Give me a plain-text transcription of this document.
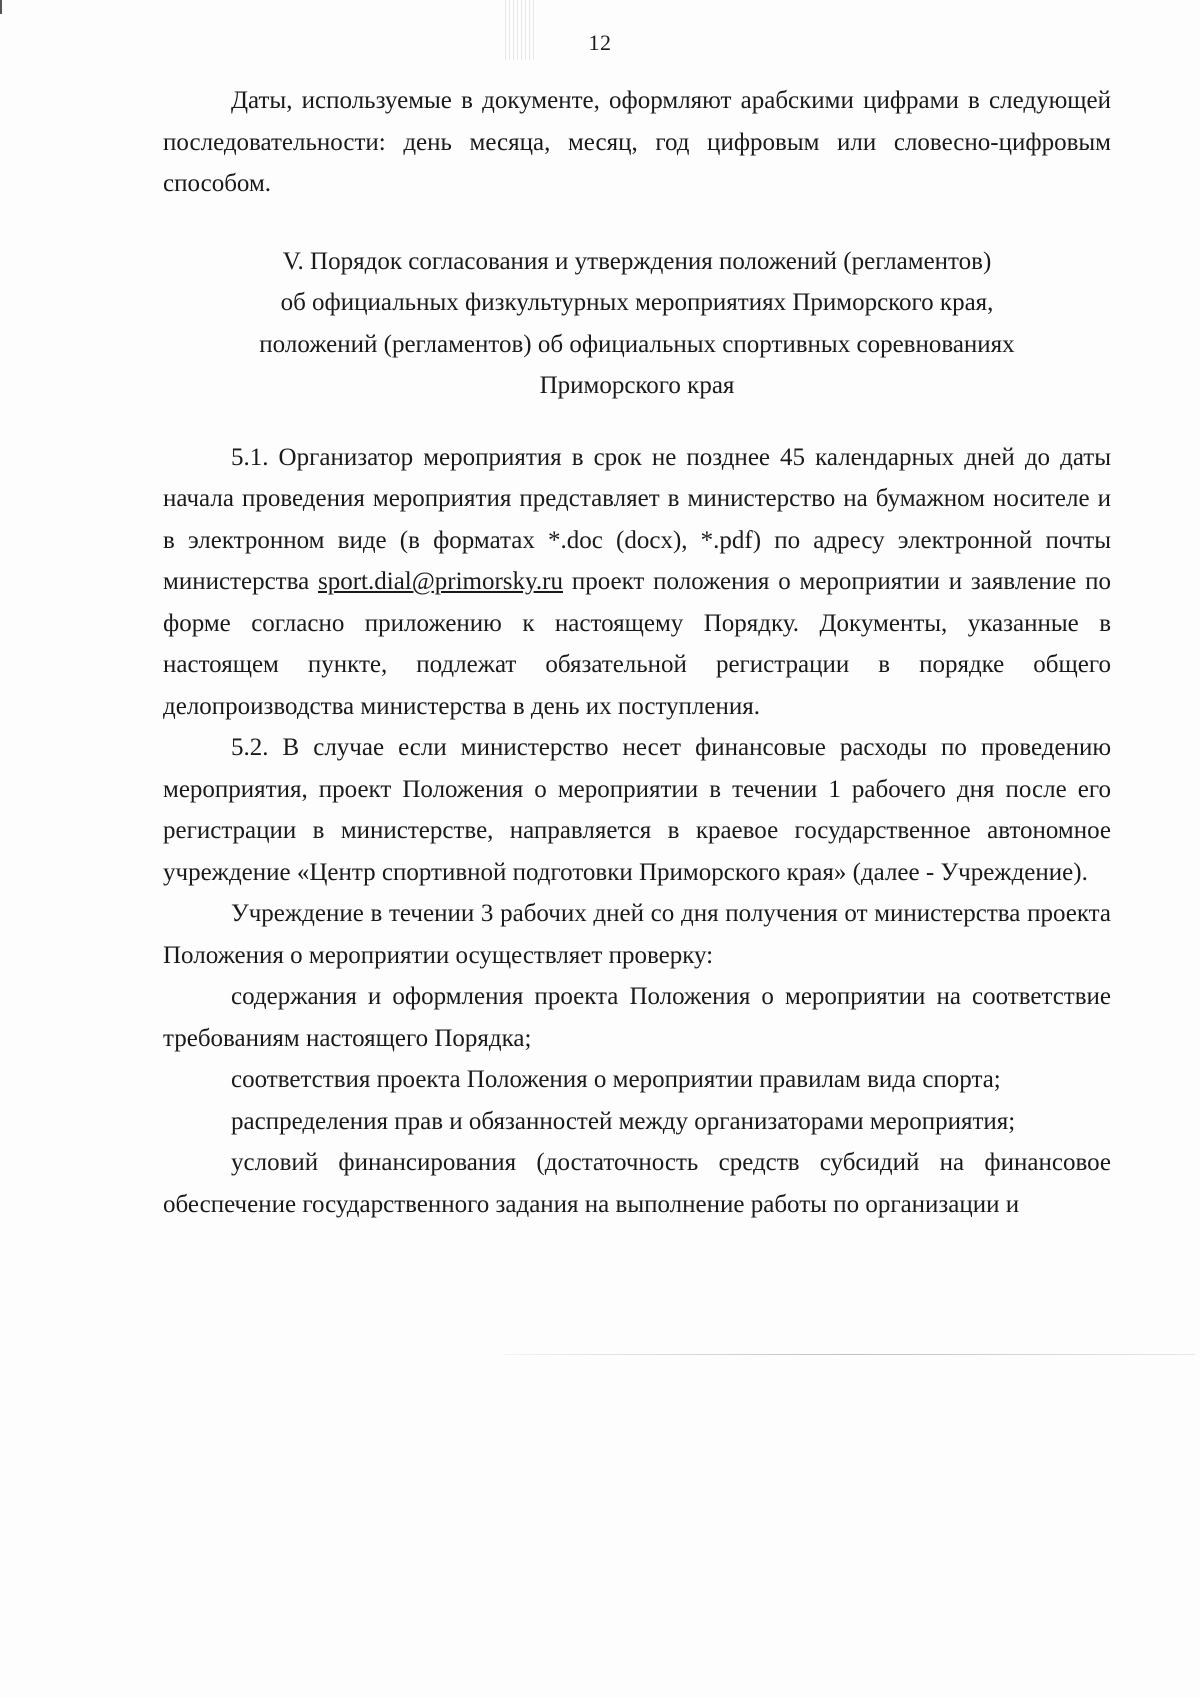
12

Даты, используемые в документе, оформляют арабскими цифрами в следующей последовательности: день месяца, месяц, год цифровым или словесно-цифровым способом.

V. Порядок согласования и утверждения положений (регламентов)
об официальных физкультурных мероприятиях Приморского края,
положений (регламентов) об официальных спортивных соревнованиях
Приморского края

5.1. Организатор мероприятия в срок не позднее 45 календарных дней до даты начала проведения мероприятия представляет в министерство на бумажном носителе и в электронном виде (в форматах *.doc (docx), *.pdf) по адресу электронной почты министерства sport.dial@primorsky.ru проект положения о мероприятии и заявление по форме согласно приложению к настоящему Порядку. Документы, указанные в настоящем пункте, подлежат обязательной регистрации в порядке общего делопроизводства министерства в день их поступления.

5.2. В случае если министерство несет финансовые расходы по проведению мероприятия, проект Положения о мероприятии в течении 1 рабочего дня после его регистрации в министерстве, направляется в краевое государственное автономное учреждение «Центр спортивной подготовки Приморского края» (далее - Учреждение).

Учреждение в течении 3 рабочих дней со дня получения от министерства проекта Положения о мероприятии осуществляет проверку:

содержания и оформления проекта Положения о мероприятии на соответствие требованиям настоящего Порядка;

соответствия проекта Положения о мероприятии правилам вида спорта;

распределения прав и обязанностей между организаторами мероприятия;

условий финансирования (достаточность средств субсидий на финансовое обеспечение государственного задания на выполнение работы по организации и
